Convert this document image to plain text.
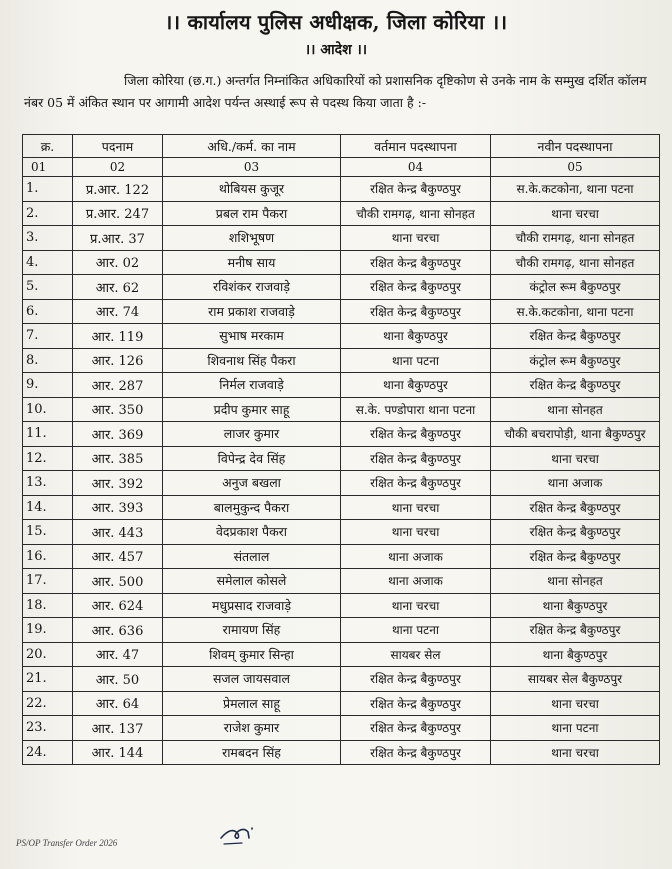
।। कार्यालय पुलिस अधीक्षक, जिला कोरिया ।।
।। आदेश ।।
जिला कोरिया (छ.ग.) अन्तर्गत निम्नांकित अधिकारियों को प्रशासनिक दृष्टिकोण से उनके नाम के सम्मुख दर्शित कॉलम नंबर 05 में अंकित स्थान पर आगामी आदेश पर्यन्त अस्थाई रूप से पदस्थ किया जाता है :-
क्र.	पदनाम	अधि./कर्म. का नाम	वर्तमान पदस्थापना	नवीन पदस्थापना
01	02	03	04	05
1.	प्र.आर. 122	थोबियस कुजूर	रक्षित केन्द्र बैकुण्ठपुर	स.के.कटकोना, थाना पटना
2.	प्र.आर. 247	प्रबल राम पैकरा	चौकी रामगढ़, थाना सोनहत	थाना चरचा
3.	प्र.आर. 37	शशिभूषण	थाना चरचा	चौकी रामगढ़, थाना सोनहत
4.	आर. 02	मनीष साय	रक्षित केन्द्र बैकुण्ठपुर	चौकी रामगढ़, थाना सोनहत
5.	आर. 62	रविशंकर राजवाड़े	रक्षित केन्द्र बैकुण्ठपुर	कंट्रोल रूम बैकुण्ठपुर
6.	आर. 74	राम प्रकाश राजवाड़े	रक्षित केन्द्र बैकुण्ठपुर	स.के.कटकोना, थाना पटना
7.	आर. 119	सुभाष मरकाम	थाना बैकुण्ठपुर	रक्षित केन्द्र बैकुण्ठपुर
8.	आर. 126	शिवनाथ सिंह पैकरा	थाना पटना	कंट्रोल रूम बैकुण्ठपुर
9.	आर. 287	निर्मल राजवाड़े	थाना बैकुण्ठपुर	रक्षित केन्द्र बैकुण्ठपुर
10.	आर. 350	प्रदीप कुमार साहू	स.के. पण्डोपारा थाना पटना	थाना सोनहत
11.	आर. 369	लाजर कुमार	रक्षित केन्द्र बैकुण्ठपुर	चौकी बचरापोड़ी, थाना बैकुण्ठपुर
12.	आर. 385	विपेन्द्र देव सिंह	रक्षित केन्द्र बैकुण्ठपुर	थाना चरचा
13.	आर. 392	अनुज बखला	रक्षित केन्द्र बैकुण्ठपुर	थाना अजाक
14.	आर. 393	बालमुकुन्द पैकरा	थाना चरचा	रक्षित केन्द्र बैकुण्ठपुर
15.	आर. 443	वेदप्रकाश पैकरा	थाना चरचा	रक्षित केन्द्र बैकुण्ठपुर
16.	आर. 457	संतलाल	थाना अजाक	रक्षित केन्द्र बैकुण्ठपुर
17.	आर. 500	समेलाल कोसले	थाना अजाक	थाना सोनहत
18.	आर. 624	मधुप्रसाद राजवाड़े	थाना चरचा	थाना बैकुण्ठपुर
19.	आर. 636	रामायण सिंह	थाना पटना	रक्षित केन्द्र बैकुण्ठपुर
20.	आर. 47	शिवम् कुमार सिन्हा	सायबर सेल	थाना बैकुण्ठपुर
21.	आर. 50	सजल जायसवाल	रक्षित केन्द्र बैकुण्ठपुर	सायबर सेल बैकुण्ठपुर
22.	आर. 64	प्रेमलाल साहू	रक्षित केन्द्र बैकुण्ठपुर	थाना चरचा
23.	आर. 137	राजेश कुमार	रक्षित केन्द्र बैकुण्ठपुर	थाना पटना
24.	आर. 144	रामबदन सिंह	रक्षित केन्द्र बैकुण्ठपुर	थाना चरचा
PS/OP Transfer Order 2026
